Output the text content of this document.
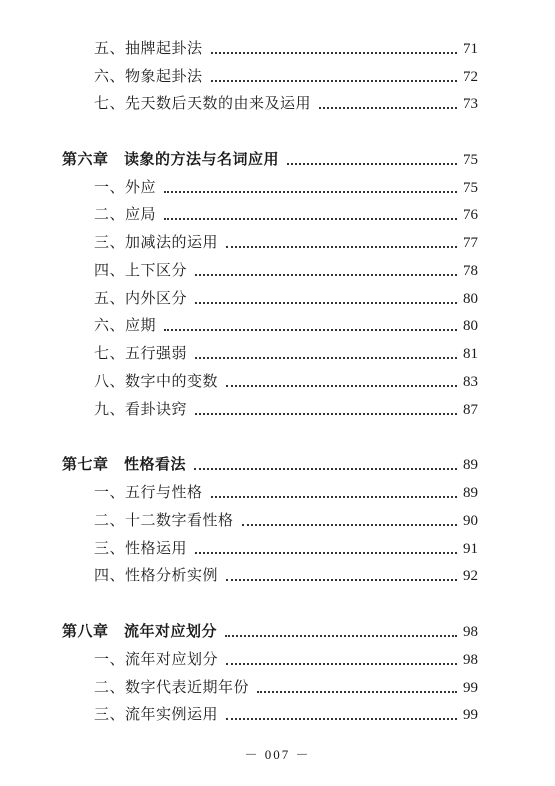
五、抽牌起卦法	71
六、物象起卦法	72
七、先天数后天数的由来及运用	73
第六章　读象的方法与名词应用	75
一、外应	75
二、应局	76
三、加减法的运用	77
四、上下区分	78
五、内外区分	80
六、应期	80
七、五行强弱	81
八、数字中的变数	83
九、看卦诀窍	87
第七章　性格看法	89
一、五行与性格	89
二、十二数字看性格	90
三、性格运用	91
四、性格分析实例	92
第八章　流年对应划分	98
一、流年对应划分	98
二、数字代表近期年份	99
三、流年实例运用	99
－ 007 －
